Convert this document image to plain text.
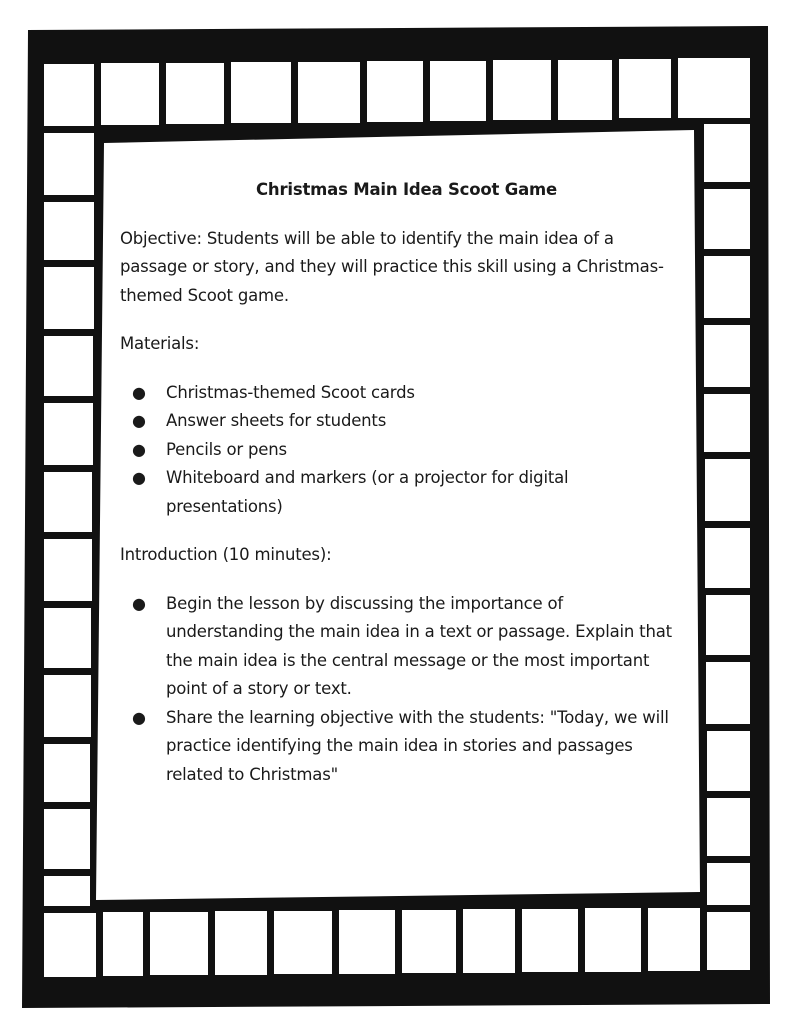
Christmas Main Idea Scoot Game
Objective: Students will be able to identify the main idea of a passage or story, and they will practice this skill using a Christmas-themed Scoot game.
Materials:
● Christmas-themed Scoot cards
● Answer sheets for students
● Pencils or pens
● Whiteboard and markers (or a projector for digital presentations)
Introduction (10 minutes):
● Begin the lesson by discussing the importance of understanding the main idea in a text or passage. Explain that the main idea is the central message or the most important point of a story or text.
● Share the learning objective with the students: "Today, we will practice identifying the main idea in stories and passages related to Christmas"
